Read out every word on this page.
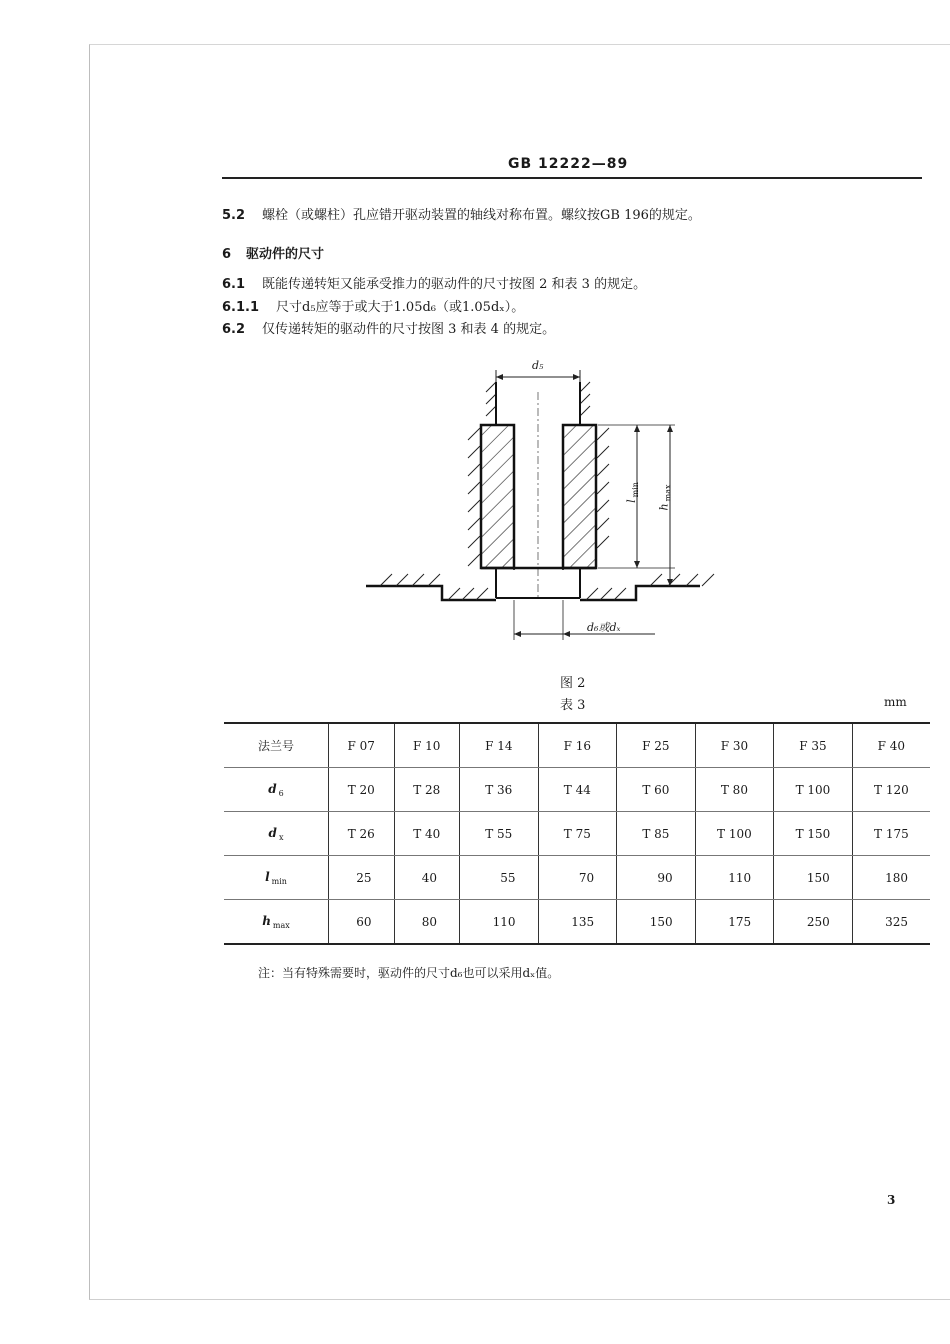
GB 12222—89
5.2 螺栓（或螺柱）孔应错开驱动装置的轴线对称布置。螺纹按GB 196的规定。
6 驱动件的尺寸
6.1 既能传递转矩又能承受推力的驱动件的尺寸按图 2 和表 3 的规定。
6.1.1 尺寸d₅应等于或大于1.05d₆（或1.05dₓ）。
6.2 仅传递转矩的驱动件的尺寸按图 3 和表 4 的规定。
d₅
d₆或dₓ
$l_{min}$
$h_{max}$
图 2
表 3	mm
法兰号	F 07	F 10	F 14	F 16	F 25	F 30	F 35	F 40
d $_6$	T 20	T 28	T 36	T 44	T 60	T 80	T 100	T 120
d $_x$	T 26	T 40	T 55	T 75	T 85	T 100	T 150	T 175
l $_{min}$	25	40	55	70	90	110	150	180
h $_{max}$	60	80	110	135	150	175	250	325
注：当有特殊需要时，驱动件的尺寸d₆也可以采用dₓ值。
3
